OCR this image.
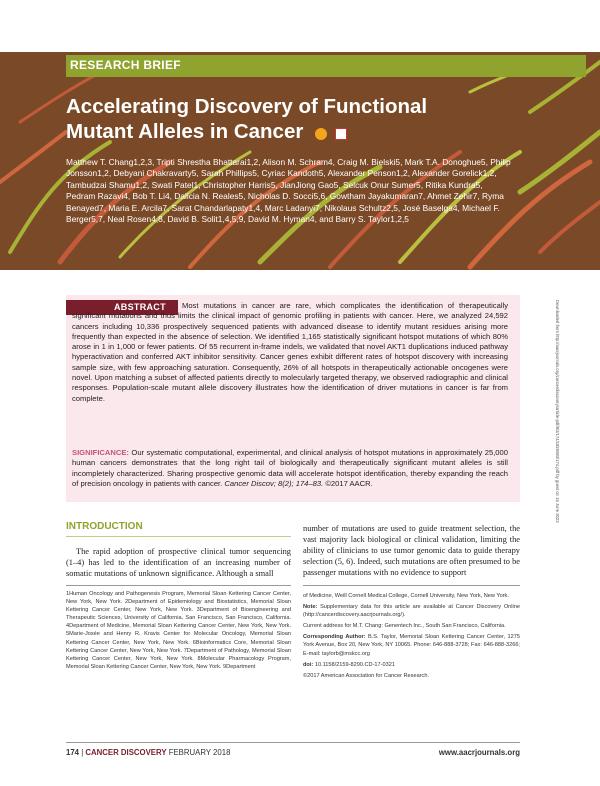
RESEARCH BRIEF
Accelerating Discovery of Functional Mutant Alleles in Cancer
Matthew T. Chang1,2,3, Tripti Shrestha Bhattarai1,2, Alison M. Schram4, Craig M. Bielski5, Mark T.A. Donoghue5, Philip Jonsson1,2, Debyani Chakravarty5, Sarah Phillips5, Cyriac Kandoth5, Alexander Penson1,2, Alexander Gorelick1,2, Tambudzai Shamu1,2, Swati Patel1, Christopher Harris5, JianJiong Gao5, Selcuk Onur Sumer5, Ritika Kundra5, Pedram Razavi4, Bob T. Li4, Dalicia N. Reales5, Nicholas D. Socci5,6, Gowtham Jayakumaran7, Ahmet Zehir7, Ryma Benayed7, Maria E. Arcila7, Sarat Chandarlapaty1,4, Marc Ladanyi7, Nikolaus Schultz2,5, José Baselga4, Michael F. Berger5,7, Neal Rosen4,8, David B. Solit1,4,5,9, David M. Hyman4, and Barry S. Taylor1,2,5
ABSTRACT	Most mutations in cancer are rare, which complicates the identification of therapeutically significant mutations and thus limits the clinical impact of genomic profiling in patients with cancer. Here, we analyzed 24,592 cancers including 10,336 prospectively sequenced patients with advanced disease to identify mutant residues arising more frequently than expected in the absence of selection. We identified 1,165 statistically significant hotspot mutations of which 80% arose in 1 in 1,000 or fewer patients. Of 55 recurrent in-frame indels, we validated that novel AKT1 duplications induced pathway hyperactivation and conferred AKT inhibitor sensitivity. Cancer genes exhibit different rates of hotspot discovery with increasing sample size, with few approaching saturation. Consequently, 26% of all hotspots in therapeutically actionable oncogenes were novel. Upon matching a subset of affected patients directly to molecularly targeted therapy, we observed radiographic and clinical responses. Population-scale mutant allele discovery illustrates how the identification of driver mutations in cancer is far from complete.
SIGNIFICANCE: Our systematic computational, experimental, and clinical analysis of hotspot mutations in approximately 25,000 human cancers demonstrates that the long right tail of biologically and therapeutically significant mutant alleles is still incompletely characterized. Sharing prospective genomic data will accelerate hotspot identification, thereby expanding the reach of precision oncology in patients with cancer. Cancer Discov; 8(2); 174–83. ©2017 AACR.	Downloaded from http://aacrjournals.org/cancerdiscovery/article-pdf/8/2/174/1826683/174.pdf by guest on 15 June 2023
INTRODUCTION
The rapid adoption of prospective clinical tumor sequencing (1–4) has led to the identification of an increasing number of somatic mutations of unknown significance. Although a small
number of mutations are used to guide treatment selection, the vast majority lack biological or clinical validation, limiting the ability of clinicians to use tumor genomic data to guide therapy selection (5, 6). Indeed, such mutations are often presumed to be passenger mutations with no evidence to support
1Human Oncology and Pathogenesis Program, Memorial Sloan Kettering Cancer Center, New York, New York. 2Department of Epidemiology and Biostatistics, Memorial Sloan Kettering Cancer Center, New York, New York. 3Department of Bioengineering and Therapeutic Sciences, University of California, San Francisco, San Francisco, California. 4Department of Medicine, Memorial Sloan Kettering Cancer Center, New York, New York. 5Marie-Josée and Henry R. Kravis Center for Molecular Oncology, Memorial Sloan Kettering Cancer Center, New York, New York. 6Bioinformatics Core, Memorial Sloan Kettering Cancer Center, New York, New York. 7Department of Pathology, Memorial Sloan Kettering Cancer Center, New York, New York. 8Molecular Pharmacology Program, Memorial Sloan Kettering Cancer Center, New York, New York. 9Department

of Medicine, Weill Cornell Medical College, Cornell University, New York, New York.

Note: Supplementary data for this article are available at Cancer Discovery Online (http://cancerdiscovery.aacrjournals.org/).

Current address for M.T. Chang: Genentech Inc., South San Francisco, California.

Corresponding Author: B.S. Taylor, Memorial Sloan Kettering Cancer Center, 1275 York Avenue, Box 20, New York, NY 10065. Phone: 646-888-3728; Fax: 646-888-3266; E-mail: taylorb@mskcc.org

doi: 10.1158/2159-8290.CD-17-0321

©2017 American Association for Cancer Research.

174 | CANCER DISCOVERY FEBRUARY 2018	www.aacrjournals.org
